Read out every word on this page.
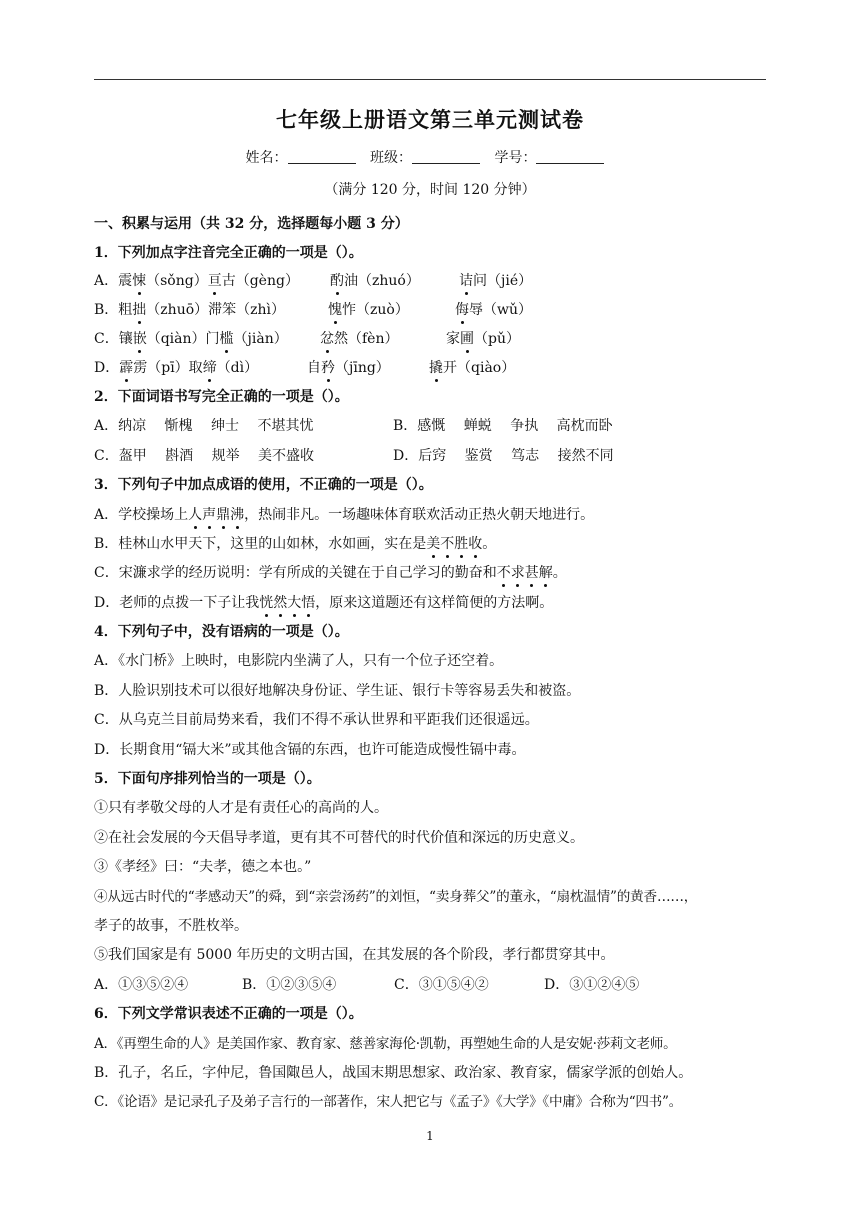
七年级上册语文第三单元测试卷
姓名：	班级：	学号：
（满分 120 分，时间 120 分钟）
一、积累与运用（共 32 分，选择题每小题 3 分）
1．下列加点字注音完全正确的一项是（）。
A．震悚（sǒng）亘古（gèng） 酌油（zhuó）	诘问（jié）
B．粗拙（zhuō）滞笨（zhì）	愧怍（zuò）	侮辱（wǔ）
C．镶嵌（qiàn）门槛（jiàn） 忿然（fèn）	家圃（pǔ）
D．霹雳（pī）取缔（dì）	自矜（jīng）	撬开（qiào）
2．下面词语书写完全正确的一项是（）。
A．纳凉　 惭槐　 绅士　 不堪其忧	B．感慨　 蝉蜕　 争执　 高枕而卧
C．盔甲　 斟酒　 规举　 美不盛收	D．后窍　 鉴赏　 笃志　 接然不同
3．下列句子中加点成语的使用，不正确的一项是（）。
A．学校操场上人声鼎沸，热闹非凡。一场趣味体育联欢活动正热火朝天地进行。
B．桂林山水甲天下，这里的山如林，水如画，实在是美不胜收。
C．宋濂求学的经历说明：学有所成的关键在于自己学习的勤奋和不求甚解。
D．老师的点拨一下子让我恍然大悟，原来这道题还有这样简便的方法啊。
4．下列句子中，没有语病的一项是（）。
A．《水门桥》上映时，电影院内坐满了人，只有一个位子还空着。
B．人脸识别技术可以很好地解决身份证、学生证、银行卡等容易丢失和被盗。
C．从乌克兰目前局势来看，我们不得不承认世界和平距我们还很遥远。
D．长期食用“镉大米”或其他含镉的东西，也许可能造成慢性镉中毒。
5．下面句序排列恰当的一项是（）。
①只有孝敬父母的人才是有责任心的高尚的人。
②在社会发展的今天倡导孝道，更有其不可替代的时代价值和深远的历史意义。
③《孝经》曰：“夫孝，德之本也。”
④从远古时代的“孝感动天”的舜，到“亲尝汤药”的刘恒，“卖身葬父”的董永，“扇枕温情”的黄香……，
孝子的故事，不胜枚举。
⑤我们国家是有 5000 年历史的文明古国，在其发展的各个阶段，孝行都贯穿其中。
A．①③⑤②④	B．①②③⑤④	C．③①⑤④②	D．③①②④⑤
6．下列文学常识表述不正确的一项是（）。
A．《再塑生命的人》是美国作家、教育家、慈善家海伦·凯勒，再塑她生命的人是安妮·莎莉文老师。
B．孔子，名丘，字仲尼，鲁国陬邑人，战国末期思想家、政治家、教育家，儒家学派的创始人。
C．《论语》是记录孔子及弟子言行的一部著作，宋人把它与《孟子》《大学》《中庸》合称为“四书”。
1
